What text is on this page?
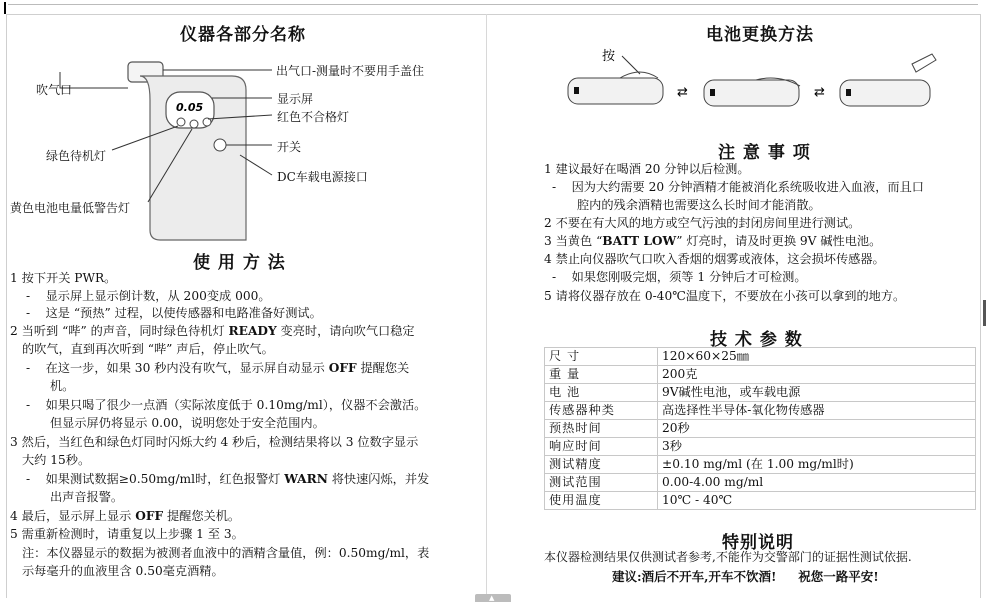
▲
仪器各部分名称
0.05
出气口-测量时不要用手盖住
吹气口
显示屏
红色不合格灯
绿色待机灯
开关
DC车载电源接口
黄色电池电量低警告灯
使 用 方 法
1 按下开关 PWR。
-    显示屏上显示倒计数，从 200变成 000。
-    这是 “预热” 过程，以使传感器和电路准备好测试。
2 当听到 “哔” 的声音，同时绿色待机灯 READY 变亮时，请向吹气口稳定
的吹气，直到再次听到 “哔” 声后，停止吹气。
-    在这一步，如果 30 秒内没有吹气，显示屏自动显示 OFF 提醒您关
机。
-    如果只喝了很少一点酒（实际浓度低于 0.10mg/ml），仪器不会激活。
但显示屏仍将显示 0.00，说明您处于安全范围内。
3 然后，当红色和绿色灯同时闪烁大约 4 秒后，检测结果将以 3 位数字显示
大约 15秒。
-    如果测试数据≥0.50mg/ml时，红色报警灯 WARN 将快速闪烁，并发
出声音报警。
4 最后，显示屏上显示 OFF 提醒您关机。
5 需重新检测时，请重复以上步骤 1 至 3。
注：本仪器显示的数据为被测者血液中的酒精含量值，例：0.50mg/ml，表
示每毫升的血液里含 0.50毫克酒精。
电池更换方法
按
⇄	⇄
注 意 事 项
1 建议最好在喝酒 20 分钟以后检测。
-    因为大约需要 20 分钟酒精才能被消化系统吸收进入血液，而且口
腔内的残余酒精也需要这么长时间才能消散。
2 不要在有大风的地方或空气污浊的封闭房间里进行测试。
3 当黄色 “BATT LOW” 灯亮时，请及时更换 9V 碱性电池。
4 禁止向仪器吹气口吹入香烟的烟雾或液体，这会损坏传感器。
-    如果您刚吸完烟，须等 1 分钟后才可检测。
5 请将仪器存放在 0-40℃温度下，不要放在小孩可以拿到的地方。
技 术 参 数
尺 寸	120×60×25㎜
重 量	200克
电 池	9V碱性电池，或车载电源
传感器种类	高选择性半导体-氧化物传感器
预热时间	20秒
响应时间	3秒
测试精度	±0.10 mg/ml (在 1.00 mg/ml时)
测试范围	0.00-4.00 mg/ml
使用温度	10℃ - 40℃
特别说明
本仪器检测结果仅供测试者参考,不能作为交警部门的证据性测试依据.
建议:酒后不开车,开车不饮酒! 祝您一路平安!
